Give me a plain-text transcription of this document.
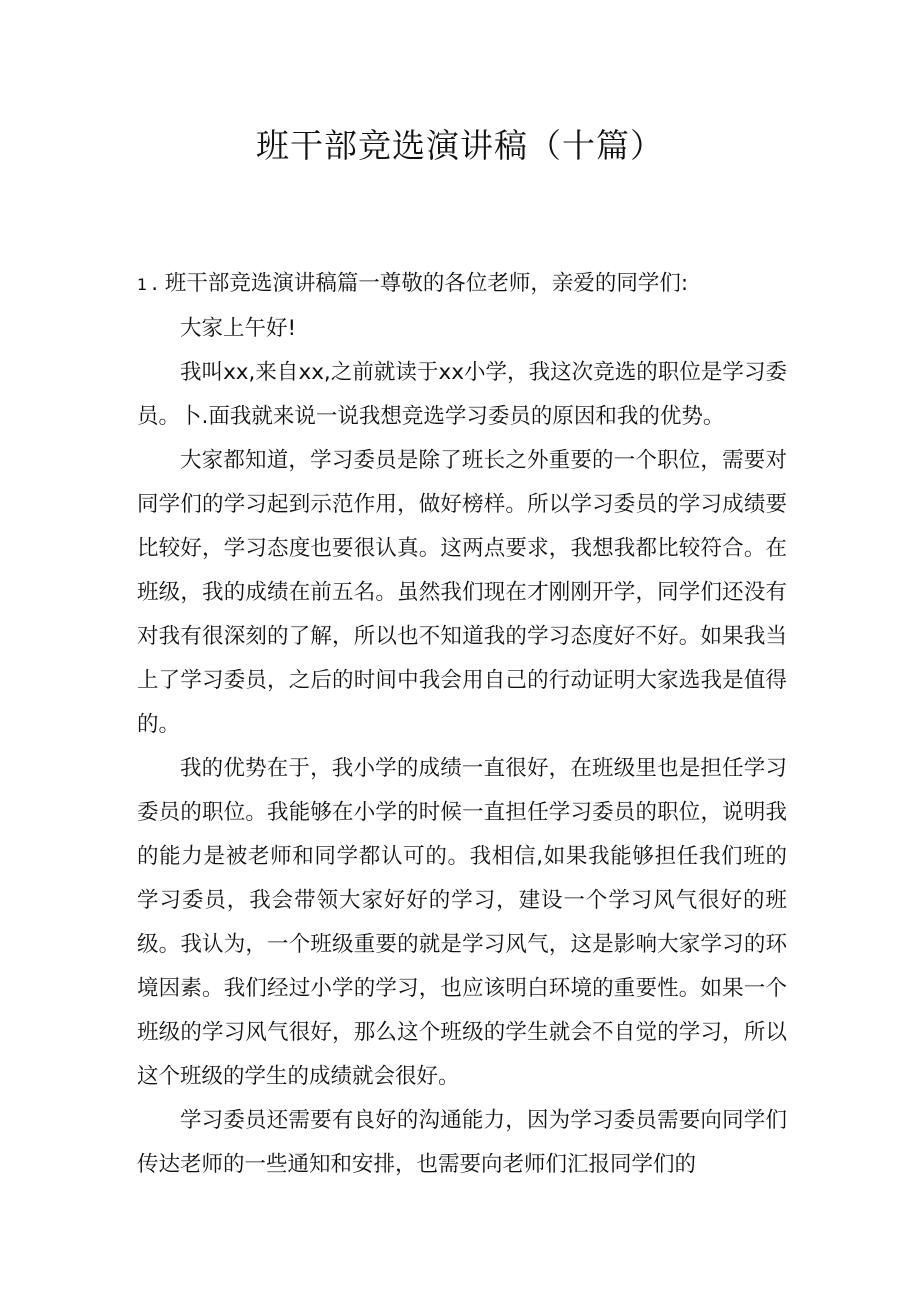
班干部竞选演讲稿（十篇）

1 . 班干部竞选演讲稿篇一尊敬的各位老师，亲爱的同学们:

大家上午好!

我叫xx,来自xx,之前就读于xx小学，我这次竞选的职位是学习委员。卜.面我就来说一说我想竞选学习委员的原因和我的优势。

大家都知道，学习委员是除了班长之外重要的一个职位，需要对同学们的学习起到示范作用，做好榜样。所以学习委员的学习成绩要比较好，学习态度也要很认真。这两点要求，我想我都比较符合。在班级，我的成绩在前五名。虽然我们现在才刚刚开学，同学们还没有对我有很深刻的了解，所以也不知道我的学习态度好不好。如果我当上了学习委员，之后的时间中我会用自己的行动证明大家选我是值得的。

我的优势在于，我小学的成绩一直很好，在班级里也是担任学习委员的职位。我能够在小学的时候一直担任学习委员的职位，说明我的能力是被老师和同学都认可的。我相信,如果我能够担任我们班的学习委员，我会带领大家好好的学习，建设一个学习风气很好的班级。我认为，一个班级重要的就是学习风气，这是影响大家学习的环境因素。我们经过小学的学习，也应该明白环境的重要性。如果一个班级的学习风气很好，那么这个班级的学生就会不自觉的学习，所以这个班级的学生的成绩就会很好。

学习委员还需要有良好的沟通能力，因为学习委员需要向同学们传达老师的一些通知和安排，也需要向老师们汇报同学们的
